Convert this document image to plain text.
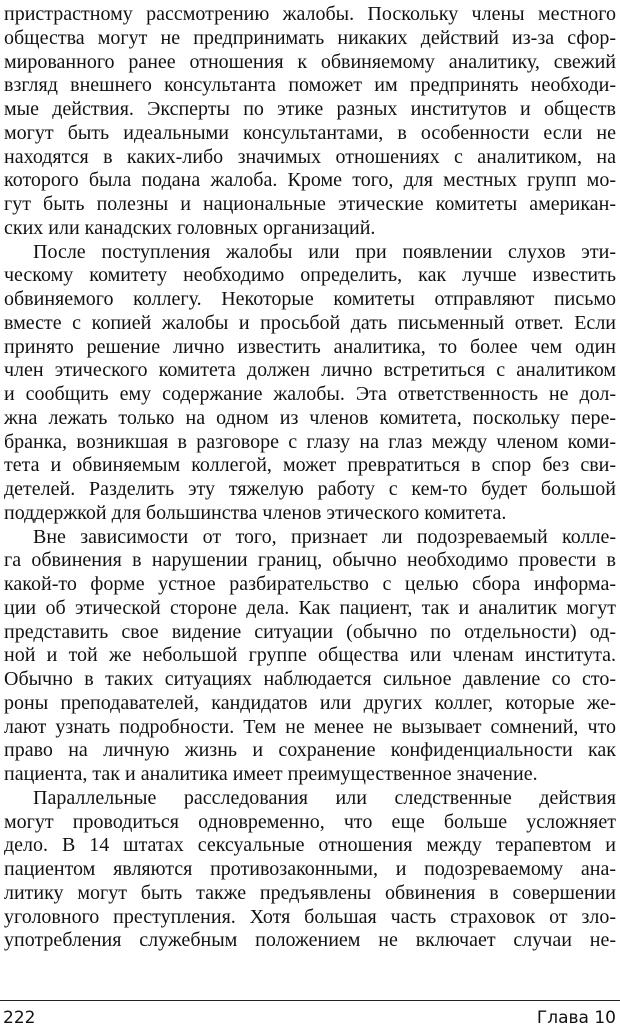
пристрастному рассмотрению жалобы. Поскольку члены местного
общества могут не предпринимать никаких действий из-за сфор-
мированного ранее отношения к обвиняемому аналитику, свежий
взгляд внешнего консультанта поможет им предпринять необходи-
мые действия. Эксперты по этике разных институтов и обществ
могут быть идеальными консультантами, в особенности если не
находятся в каких-либо значимых отношениях с аналитиком, на
которого была подана жалоба. Кроме того, для местных групп мо-
гут быть полезны и национальные этические комитеты американ-
ских или канадских головных организаций.
После поступления жалобы или при появлении слухов эти-
ческому комитету необходимо определить, как лучше известить
обвиняемого коллегу. Некоторые комитеты отправляют письмо
вместе с копией жалобы и просьбой дать письменный ответ. Если
принято решение лично известить аналитика, то более чем один
член этического комитета должен лично встретиться с аналитиком
и сообщить ему содержание жалобы. Эта ответственность не дол-
жна лежать только на одном из членов комитета, поскольку пере-
бранка, возникшая в разговоре с глазу на глаз между членом коми-
тета и обвиняемым коллегой, может превратиться в спор без сви-
детелей. Разделить эту тяжелую работу с кем-то будет большой
поддержкой для большинства членов этического комитета.
Вне зависимости от того, признает ли подозреваемый колле-
га обвинения в нарушении границ, обычно необходимо провести в
какой-то форме устное разбирательство с целью сбора информа-
ции об этической стороне дела. Как пациент, так и аналитик могут
представить свое видение ситуации (обычно по отдельности) од-
ной и той же небольшой группе общества или членам института.
Обычно в таких ситуациях наблюдается сильное давление со сто-
роны преподавателей, кандидатов или других коллег, которые же-
лают узнать подробности. Тем не менее не вызывает сомнений, что
право на личную жизнь и сохранение конфиденциальности как
пациента, так и аналитика имеет преимущественное значение.
Параллельные расследования или следственные действия
могут проводиться одновременно, что еще больше усложняет
дело. В 14 штатах сексуальные отношения между терапевтом и
пациентом являются противозаконными, и подозреваемому ана-
литику могут быть также предъявлены обвинения в совершении
уголовного преступления. Хотя большая часть страховок от зло-
употребления служебным положением не включает случаи не-
222	Глава 10
